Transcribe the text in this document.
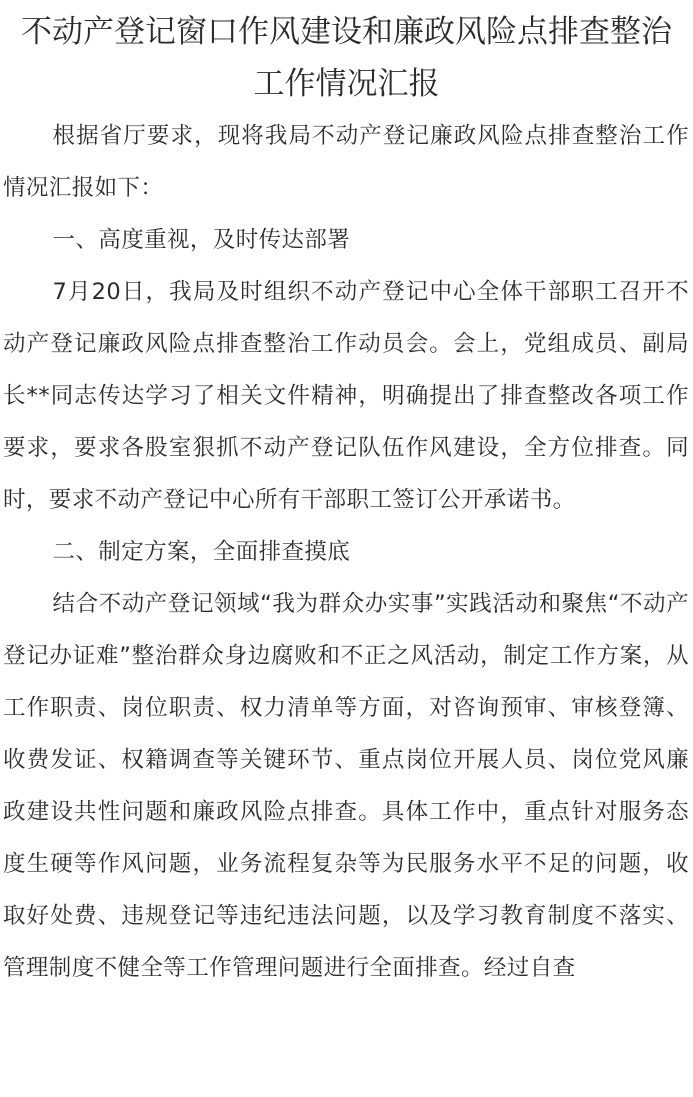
不动产登记窗口作风建设和廉政风险点排查整治工作情况汇报

根据省厅要求，现将我局不动产登记廉政风险点排查整治工作情况汇报如下：

一、高度重视，及时传达部署

7月20日，我局及时组织不动产登记中心全体干部职工召开不动产登记廉政风险点排查整治工作动员会。会上，党组成员、副局长**同志传达学习了相关文件精神，明确提出了排查整改各项工作要求，要求各股室狠抓不动产登记队伍作风建设，全方位排查。同时，要求不动产登记中心所有干部职工签订公开承诺书。

二、制定方案，全面排查摸底

结合不动产登记领域“我为群众办实事”实践活动和聚焦“不动产登记办证难”整治群众身边腐败和不正之风活动，制定工作方案，从工作职责、岗位职责、权力清单等方面，对咨询预审、审核登簿、收费发证、权籍调查等关键环节、重点岗位开展人员、岗位党风廉政建设共性问题和廉政风险点排查。具体工作中，重点针对服务态度生硬等作风问题，业务流程复杂等为民服务水平不足的问题，收取好处费、违规登记等违纪违法问题，以及学习教育制度不落实、管理制度不健全等工作管理问题进行全面排查。经过自查
